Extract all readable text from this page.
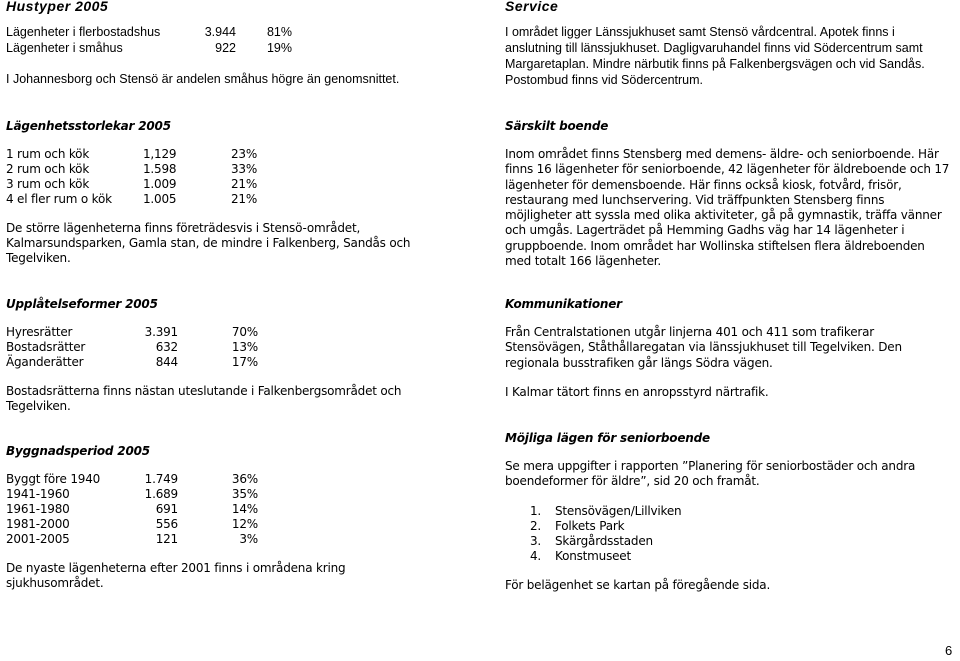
Hustyper 2005
Lägenheter i flerbostadshus	3.944	81%
Lägenheter i småhus	922	19%

I Johannesborg och Stensö är andelen småhus högre än genomsnittet.

Service

I området ligger Länssjukhuset samt Stensö vårdcentral. Apotek finns i anslutning till länssjukhuset. Dagligvaruhandel finns vid Södercentrum samt Margaretaplan. Mindre närbutik finns på Falkenbergsvägen och vid Sandås. Postombud finns vid Södercentrum.

Lägenhetsstorlekar 2005
1 rum och kök	1,129	23%
2 rum och kök	1.598	33%
3 rum och kök	1.009	21%
4 el fler rum o kök	1.005	21%

De större lägenheterna finns företrädesvis i Stensö-området, Kalmarsundsparken, Gamla stan, de mindre i Falkenberg, Sandås och Tegelviken.

Särskilt boende

Inom området finns Stensberg med demens- äldre- och seniorboende. Här finns 16 lägenheter för seniorboende, 42 lägenheter för äldreboende och 17 lägenheter för demensboende. Här finns också kiosk, fotvård, frisör, restaurang med lunchservering. Vid träffpunkten Stensberg finns möjligheter att syssla med olika aktiviteter, gå på gymnastik, träffa vänner och umgås. Lagerträdet på Hemming Gadhs väg har 14 lägenheter i gruppboende. Inom området har Wollinska stiftelsen flera äldreboenden med totalt 166 lägenheter.

Upplåtelseformer 2005
Hyresrätter	3.391	70%
Bostadsrätter	632	13%
Äganderätter	844	17%

Bostadsrätterna finns nästan uteslutande i Falkenbergsområdet och Tegelviken.

Byggnadsperiod 2005
Byggt före 1940	1.749	36%
1941-1960	1.689	35%
1961-1980	691	14%
1981-2000	556	12%
2001-2005	121	3%

De nyaste lägenheterna efter 2001 finns i områdena kring sjukhusområdet.

Kommunikationer

Från Centralstationen utgår linjerna 401 och 411 som trafikerar Stensövägen, Ståthållaregatan via länssjukhuset till Tegelviken. Den regionala busstrafiken går längs Södra vägen.

I Kalmar tätort finns en anropsstyrd närtrafik.

Möjliga lägen för seniorboende

Se mera uppgifter i rapporten ”Planering för seniorbostäder och andra boendeformer för äldre”, sid 20 och framåt.

1.	Stensövägen/Lillviken
2.	Folkets Park
3.	Skärgårdsstaden
4.	Konstmuseet

För belägenhet se kartan på föregående sida.

6
